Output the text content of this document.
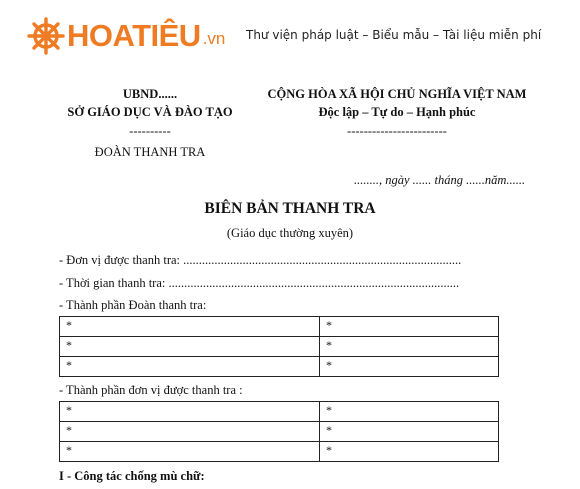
HOATIÊU .vn Thư viện pháp luật – Biểu mẫu – Tài liệu miễn phí
UBND......
SỞ GIÁO DỤC VÀ ĐÀO TẠO
----------
ĐOÀN THANH TRA
CỘNG HÒA XÃ HỘI CHỦ NGHĨA VIỆT NAM
Độc lập – Tự do – Hạnh phúc
------------------------
........, ngày ...... tháng ......năm......
BIÊN BẢN THANH TRA
(Giáo dục thường xuyên)
- Đơn vị được thanh tra: .........................................................................................
- Thời gian thanh tra: .............................................................................................
- Thành phần Đoàn thanh tra:
*	*
*	*
*	*
- Thành phần đơn vị được thanh tra :
*	*
*	*
*	*
I - Công tác chống mù chữ:
